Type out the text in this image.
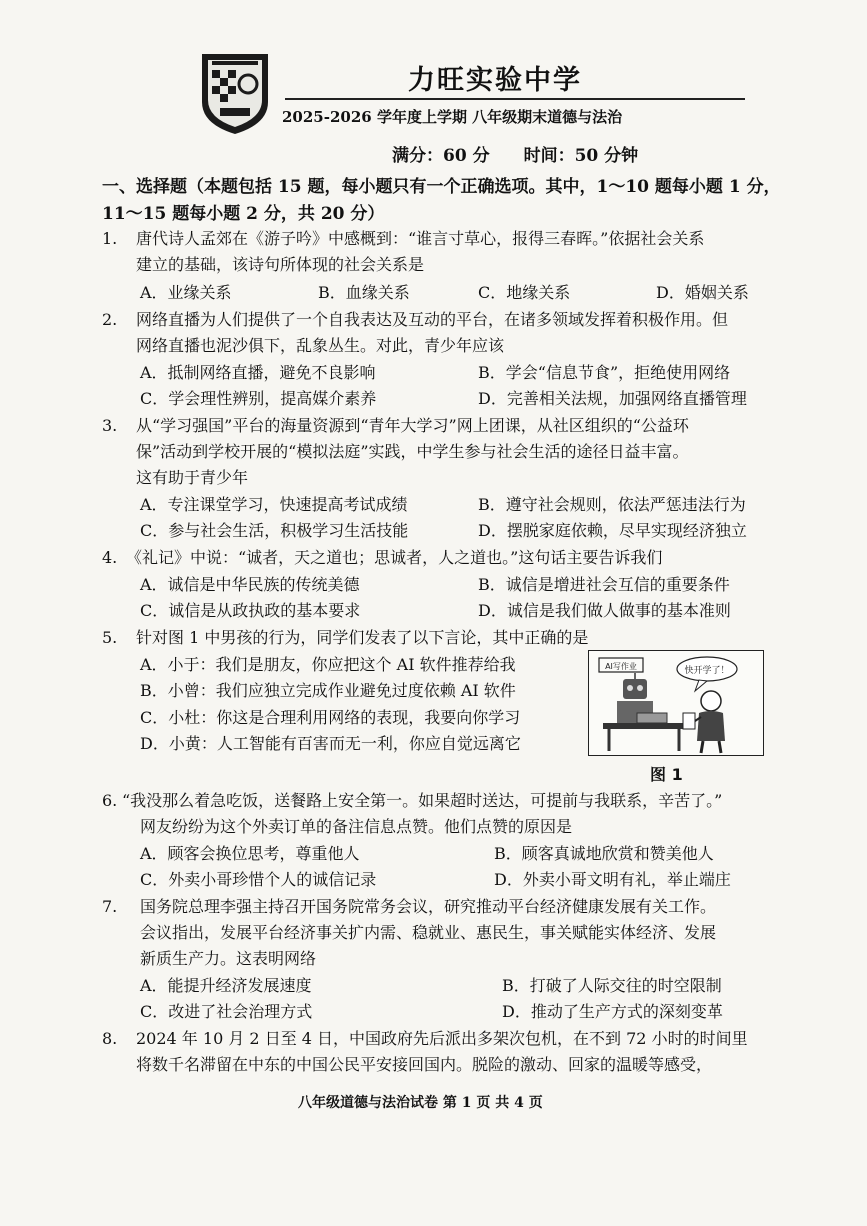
力旺实验中学
2025-2026 学年度上学期 八年级期末道德与法治
满分：60 分 时间：50 分钟
一、选择题（本题包括 15 题，每小题只有一个正确选项。其中，1～10 题每小题 1 分，
11～15 题每小题 2 分，共 20 分）
1. 唐代诗人孟郊在《游子吟》中感概到：“谁言寸草心，报得三春晖。”依据社会关系
建立的基础，该诗句所体现的社会关系是
A．业缘关系	B．血缘关系	C．地缘关系	D．婚姻关系
2. 网络直播为人们提供了一个自我表达及互动的平台，在诸多领域发挥着积极作用。但
网络直播也泥沙俱下，乱象丛生。对此，青少年应该
A．抵制网络直播，避免不良影响	B．学会“信息节食”，拒绝使用网络
C．学会理性辨别，提高媒介素养	D．完善相关法规，加强网络直播管理
3. 从“学习强国”平台的海量资源到“青年大学习”网上团课，从社区组织的“公益环
保”活动到学校开展的“模拟法庭”实践，中学生参与社会生活的途径日益丰富。
这有助于青少年
A．专注课堂学习，快速提高考试成绩	B．遵守社会规则，依法严惩违法行为
C．参与社会生活，积极学习生活技能	D．摆脱家庭依赖，尽早实现经济独立
4. 《礼记》中说：“诚者，天之道也；思诚者，人之道也。”这句话主要告诉我们
A．诚信是中华民族的传统美德	B．诚信是增进社会互信的重要条件
C．诚信是从政执政的基本要求	D．诚信是我们做人做事的基本准则
5. 针对图 1 中男孩的行为，同学们发表了以下言论，其中正确的是
A．小于：我们是朋友，你应把这个 AI 软件推荐给我
B．小曾：我们应独立完成作业避免过度依赖 AI 软件
C．小杜：你这是合理利用网络的表现，我要向你学习
D．小黄：人工智能有百害而无一利，你应自觉远离它
AI写作业	快开学了！
图 1
6. “我没那么着急吃饭，送餐路上安全第一。如果超时送达，可提前与我联系，辛苦了。”
网友纷纷为这个外卖订单的备注信息点赞。他们点赞的原因是
A．顾客会换位思考，尊重他人	B．顾客真诚地欣赏和赞美他人
C．外卖小哥珍惜个人的诚信记录	D．外卖小哥文明有礼，举止端庄
7. 国务院总理李强主持召开国务院常务会议，研究推动平台经济健康发展有关工作。
会议指出，发展平台经济事关扩内需、稳就业、惠民生，事关赋能实体经济、发展
新质生产力。这表明网络
A．能提升经济发展速度	B．打破了人际交往的时空限制
C．改进了社会治理方式	D．推动了生产方式的深刻变革
8. 2024 年 10 月 2 日至 4 日，中国政府先后派出多架次包机，在不到 72 小时的时间里
将数千名滞留在中东的中国公民平安接回国内。脱险的激动、回家的温暖等感受，
八年级道德与法治试卷 第 1 页 共 4 页
